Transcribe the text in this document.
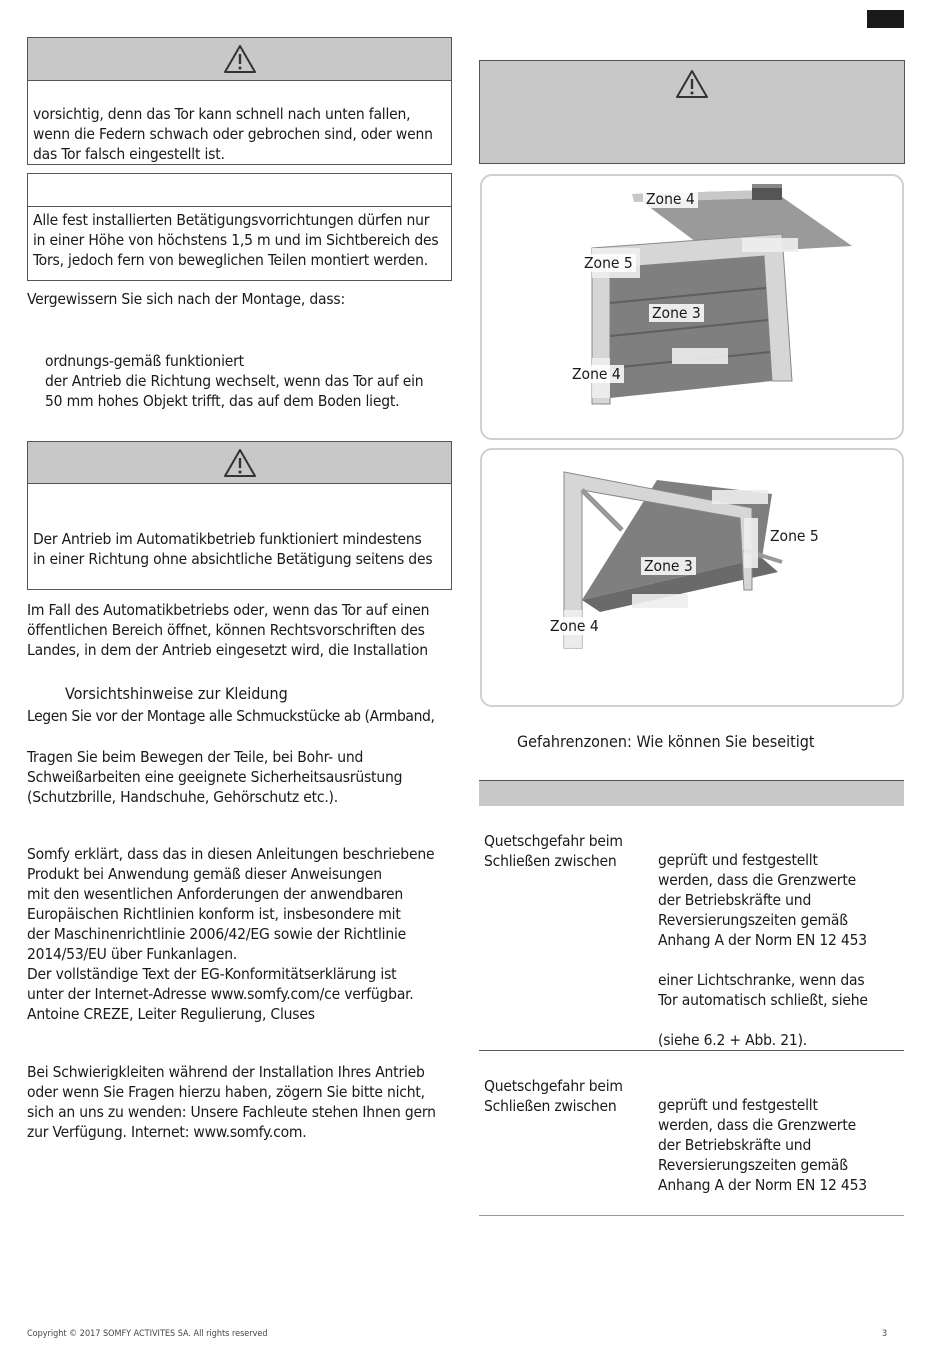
vorsichtig, denn das Tor kann schnell nach unten fallen,
wenn die Federn schwach oder gebrochen sind, oder wenn
das Tor falsch eingestellt ist.
Alle fest installierten Betätigungsvorrichtungen dürfen nur
in einer Höhe von höchstens 1,5 m und im Sichtbereich des
Tors, jedoch fern von beweglichen Teilen montiert werden.
Vergewissern Sie sich nach der Montage, dass:
ordnungs-gemäß funktioniert
der Antrieb die Richtung wechselt, wenn das Tor auf ein
50 mm hohes Objekt trifft, das auf dem Boden liegt.
Der Antrieb im Automatikbetrieb funktioniert mindestens
in einer Richtung ohne absichtliche Betätigung seitens des
Im Fall des Automatikbetriebs oder, wenn das Tor auf einen
öffentlichen Bereich öffnet, können Rechtsvorschriften des
Landes, in dem der Antrieb eingesetzt wird, die Installation
Vorsichtshinweise zur Kleidung
Legen Sie vor der Montage alle Schmuckstücke ab (Armband,
Tragen Sie beim Bewegen der Teile, bei Bohr- und
Schweißarbeiten eine geeignete Sicherheitsausrüstung
(Schutzbrille, Handschuhe, Gehörschutz etc.).
Somfy erklärt, dass das in diesen Anleitungen beschriebene
Produkt bei Anwendung gemäß dieser Anweisungen
mit den wesentlichen Anforderungen der anwendbaren
Europäischen Richtlinien konform ist, insbesondere mit
der Maschinenrichtlinie 2006/42/EG sowie der Richtlinie
2014/53/EU über Funkanlagen.
Der vollständige Text der EG-Konformitätserklärung ist
unter der Internet-Adresse www.somfy.com/ce verfügbar.
Antoine CREZE, Leiter Regulierung, Cluses
Bei Schwierigkleiten während der Installation Ihres Antrieb
oder wenn Sie Fragen hierzu haben, zögern Sie bitte nicht,
sich an uns zu wenden: Unsere Fachleute stehen Ihnen gern
zur Verfügung. Internet: www.somfy.com.
Zone 4
Zone 5
Zone 3
Zone 4
Zone 5
Zone 3
Zone 4
Gefahrenzonen: Wie können Sie beseitigt
Quetschgefahr beim
Schließen zwischen	geprüft und festgestellt
werden, dass die Grenzwerte
der Betriebskräfte und
Reversierungszeiten gemäß
Anhang A der Norm EN 12 453
einer Lichtschranke, wenn das
Tor automatisch schließt, siehe
(siehe 6.2 + Abb. 21).
Quetschgefahr beim
Schließen zwischen	geprüft und festgestellt
werden, dass die Grenzwerte
der Betriebskräfte und
Reversierungszeiten gemäß
Anhang A der Norm EN 12 453
Copyright © 2017 SOMFY ACTIVITES SA. All rights reserved	3
